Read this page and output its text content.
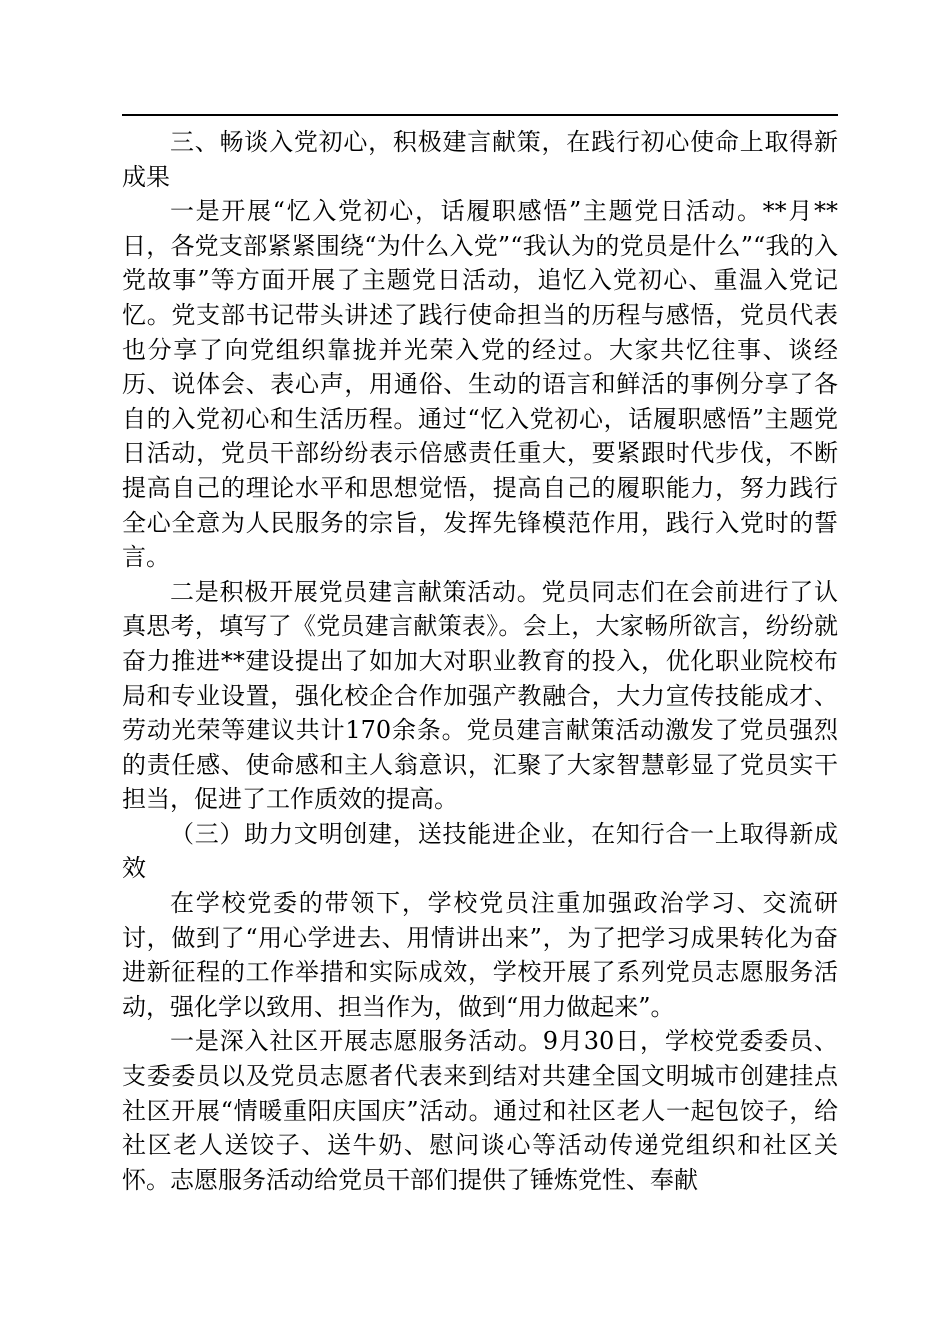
三、畅谈入党初心，积极建言献策，在践行初心使命上取得新成果

一是开展“忆入党初心，话履职感悟”主题党日活动。**月**日，各党支部紧紧围绕“为什么入党”“我认为的党员是什么”“我的入党故事”等方面开展了主题党日活动，追忆入党初心、重温入党记忆。党支部书记带头讲述了践行使命担当的历程与感悟，党员代表也分享了向党组织靠拢并光荣入党的经过。大家共忆往事、谈经历、说体会、表心声，用通俗、生动的语言和鲜活的事例分享了各自的入党初心和生活历程。通过“忆入党初心，话履职感悟”主题党日活动，党员干部纷纷表示倍感责任重大，要紧跟时代步伐，不断提高自己的理论水平和思想觉悟，提高自己的履职能力，努力践行全心全意为人民服务的宗旨，发挥先锋模范作用，践行入党时的誓言。

二是积极开展党员建言献策活动。党员同志们在会前进行了认真思考，填写了《党员建言献策表》。会上，大家畅所欲言，纷纷就奋力推进**建设提出了如加大对职业教育的投入，优化职业院校布局和专业设置，强化校企合作加强产教融合，大力宣传技能成才、劳动光荣等建议共计170余条。党员建言献策活动激发了党员强烈的责任感、使命感和主人翁意识，汇聚了大家智慧彰显了党员实干担当，促进了工作质效的提高。

（三）助力文明创建，送技能进企业，在知行合一上取得新成效

在学校党委的带领下，学校党员注重加强政治学习、交流研讨，做到了“用心学进去、用情讲出来”，为了把学习成果转化为奋进新征程的工作举措和实际成效，学校开展了系列党员志愿服务活动，强化学以致用、担当作为，做到“用力做起来”。

一是深入社区开展志愿服务活动。9月30日，学校党委委员、支委委员以及党员志愿者代表来到结对共建全国文明城市创建挂点社区开展“情暖重阳庆国庆”活动。通过和社区老人一起包饺子，给社区老人送饺子、送牛奶、慰问谈心等活动传递党组织和社区关怀。志愿服务活动给党员干部们提供了锤炼党性、奉献
